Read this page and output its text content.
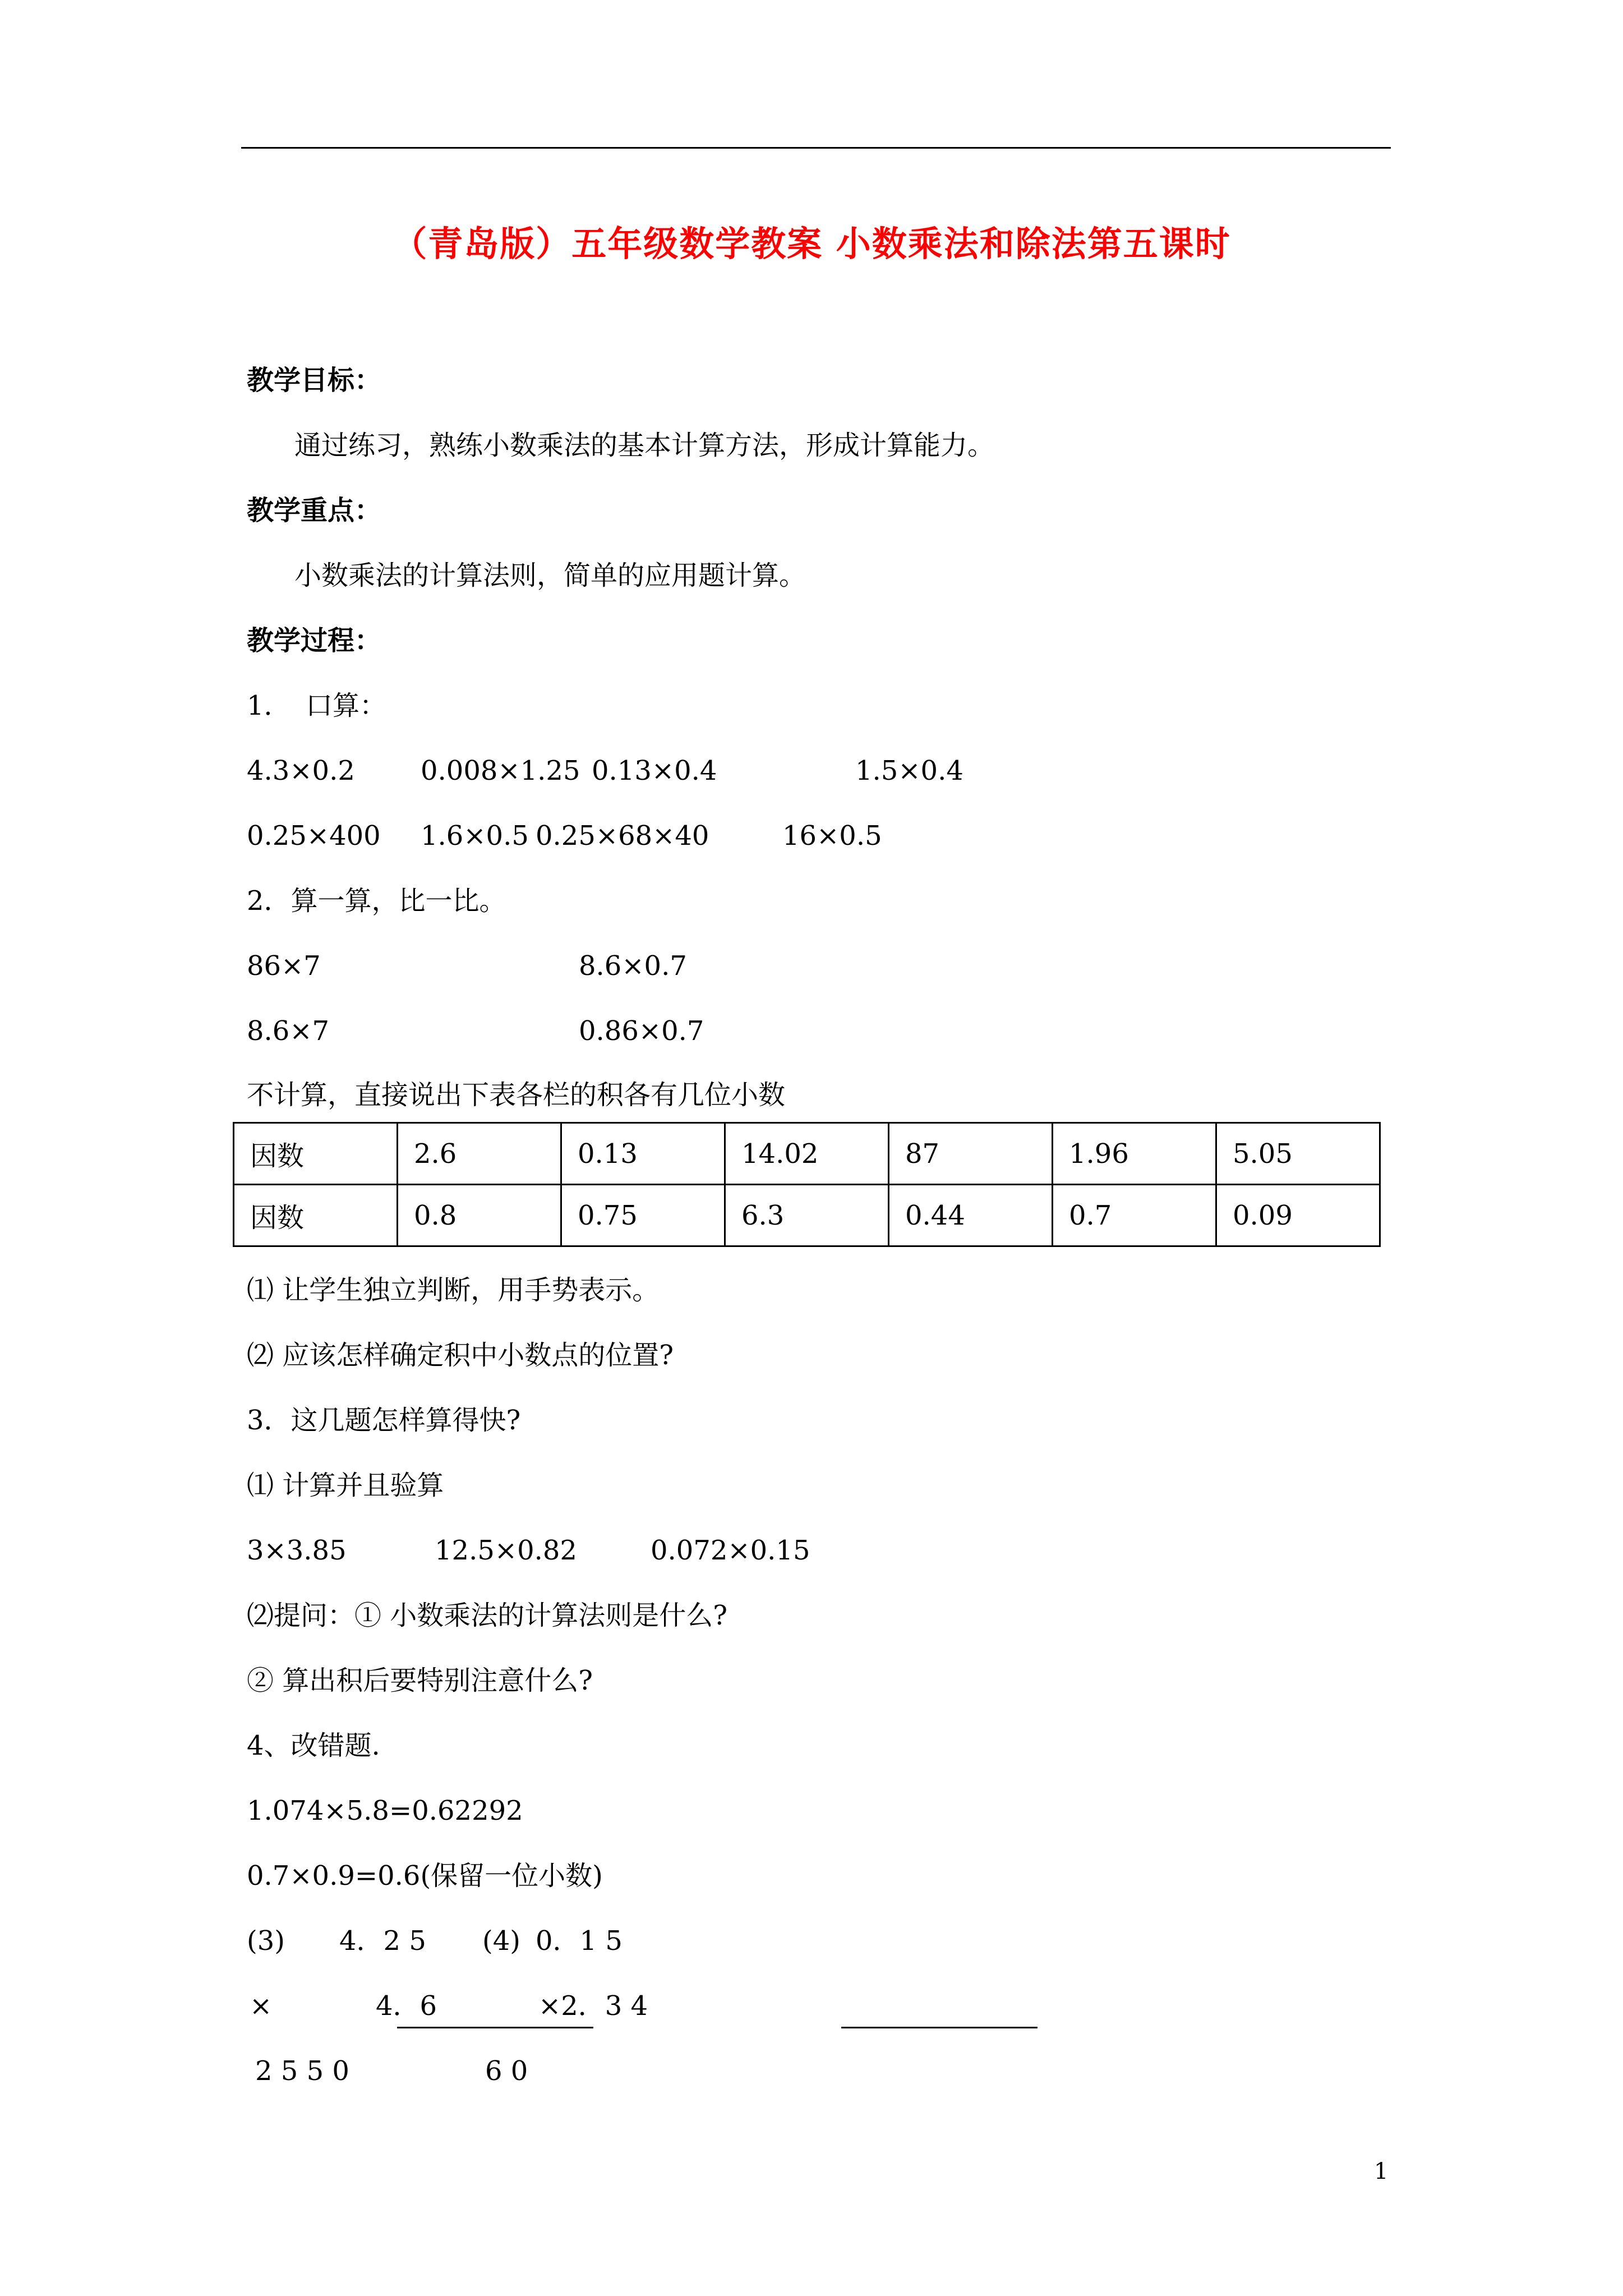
（青岛版）五年级数学教案 小数乘法和除法第五课时
教学目标：
通过练习，熟练小数乘法的基本计算方法，形成计算能力。
教学重点：
小数乘法的计算法则，简单的应用题计算。
教学过程：
1． 口算：
4.3×0.2 0.008×1.25 0.13×0.4	1.5×0.4
0.25×400 1.6×0.5 0.25×68×40	16×0.5
2．算一算，比一比。
86×7	8.6×0.7
8.6×7	0.86×0.7
不计算，直接说出下表各栏的积各有几位小数
因数	2.6	0.13	14.02	87	1.96	5.05
因数	0.8	0.75	6.3	0.44	0.7	0.09
⑴ 让学生独立判断，用手势表示。
⑵ 应该怎样确定积中小数点的位置?
3．这几题怎样算得快?
⑴ 计算并且验算
3×3.85	12.5×0.82	0.072×0.15
⑵提问：① 小数乘法的计算法则是什么?
② 算出积后要特别注意什么?
4、改错题.
1.074×5.8=0.62292
0.7×0.9=0.6(保留一位小数)
(3) 4．2 5 (4) 0．1 5
×	4．6	×2．3 4
2 5 5 0	6 0
1
